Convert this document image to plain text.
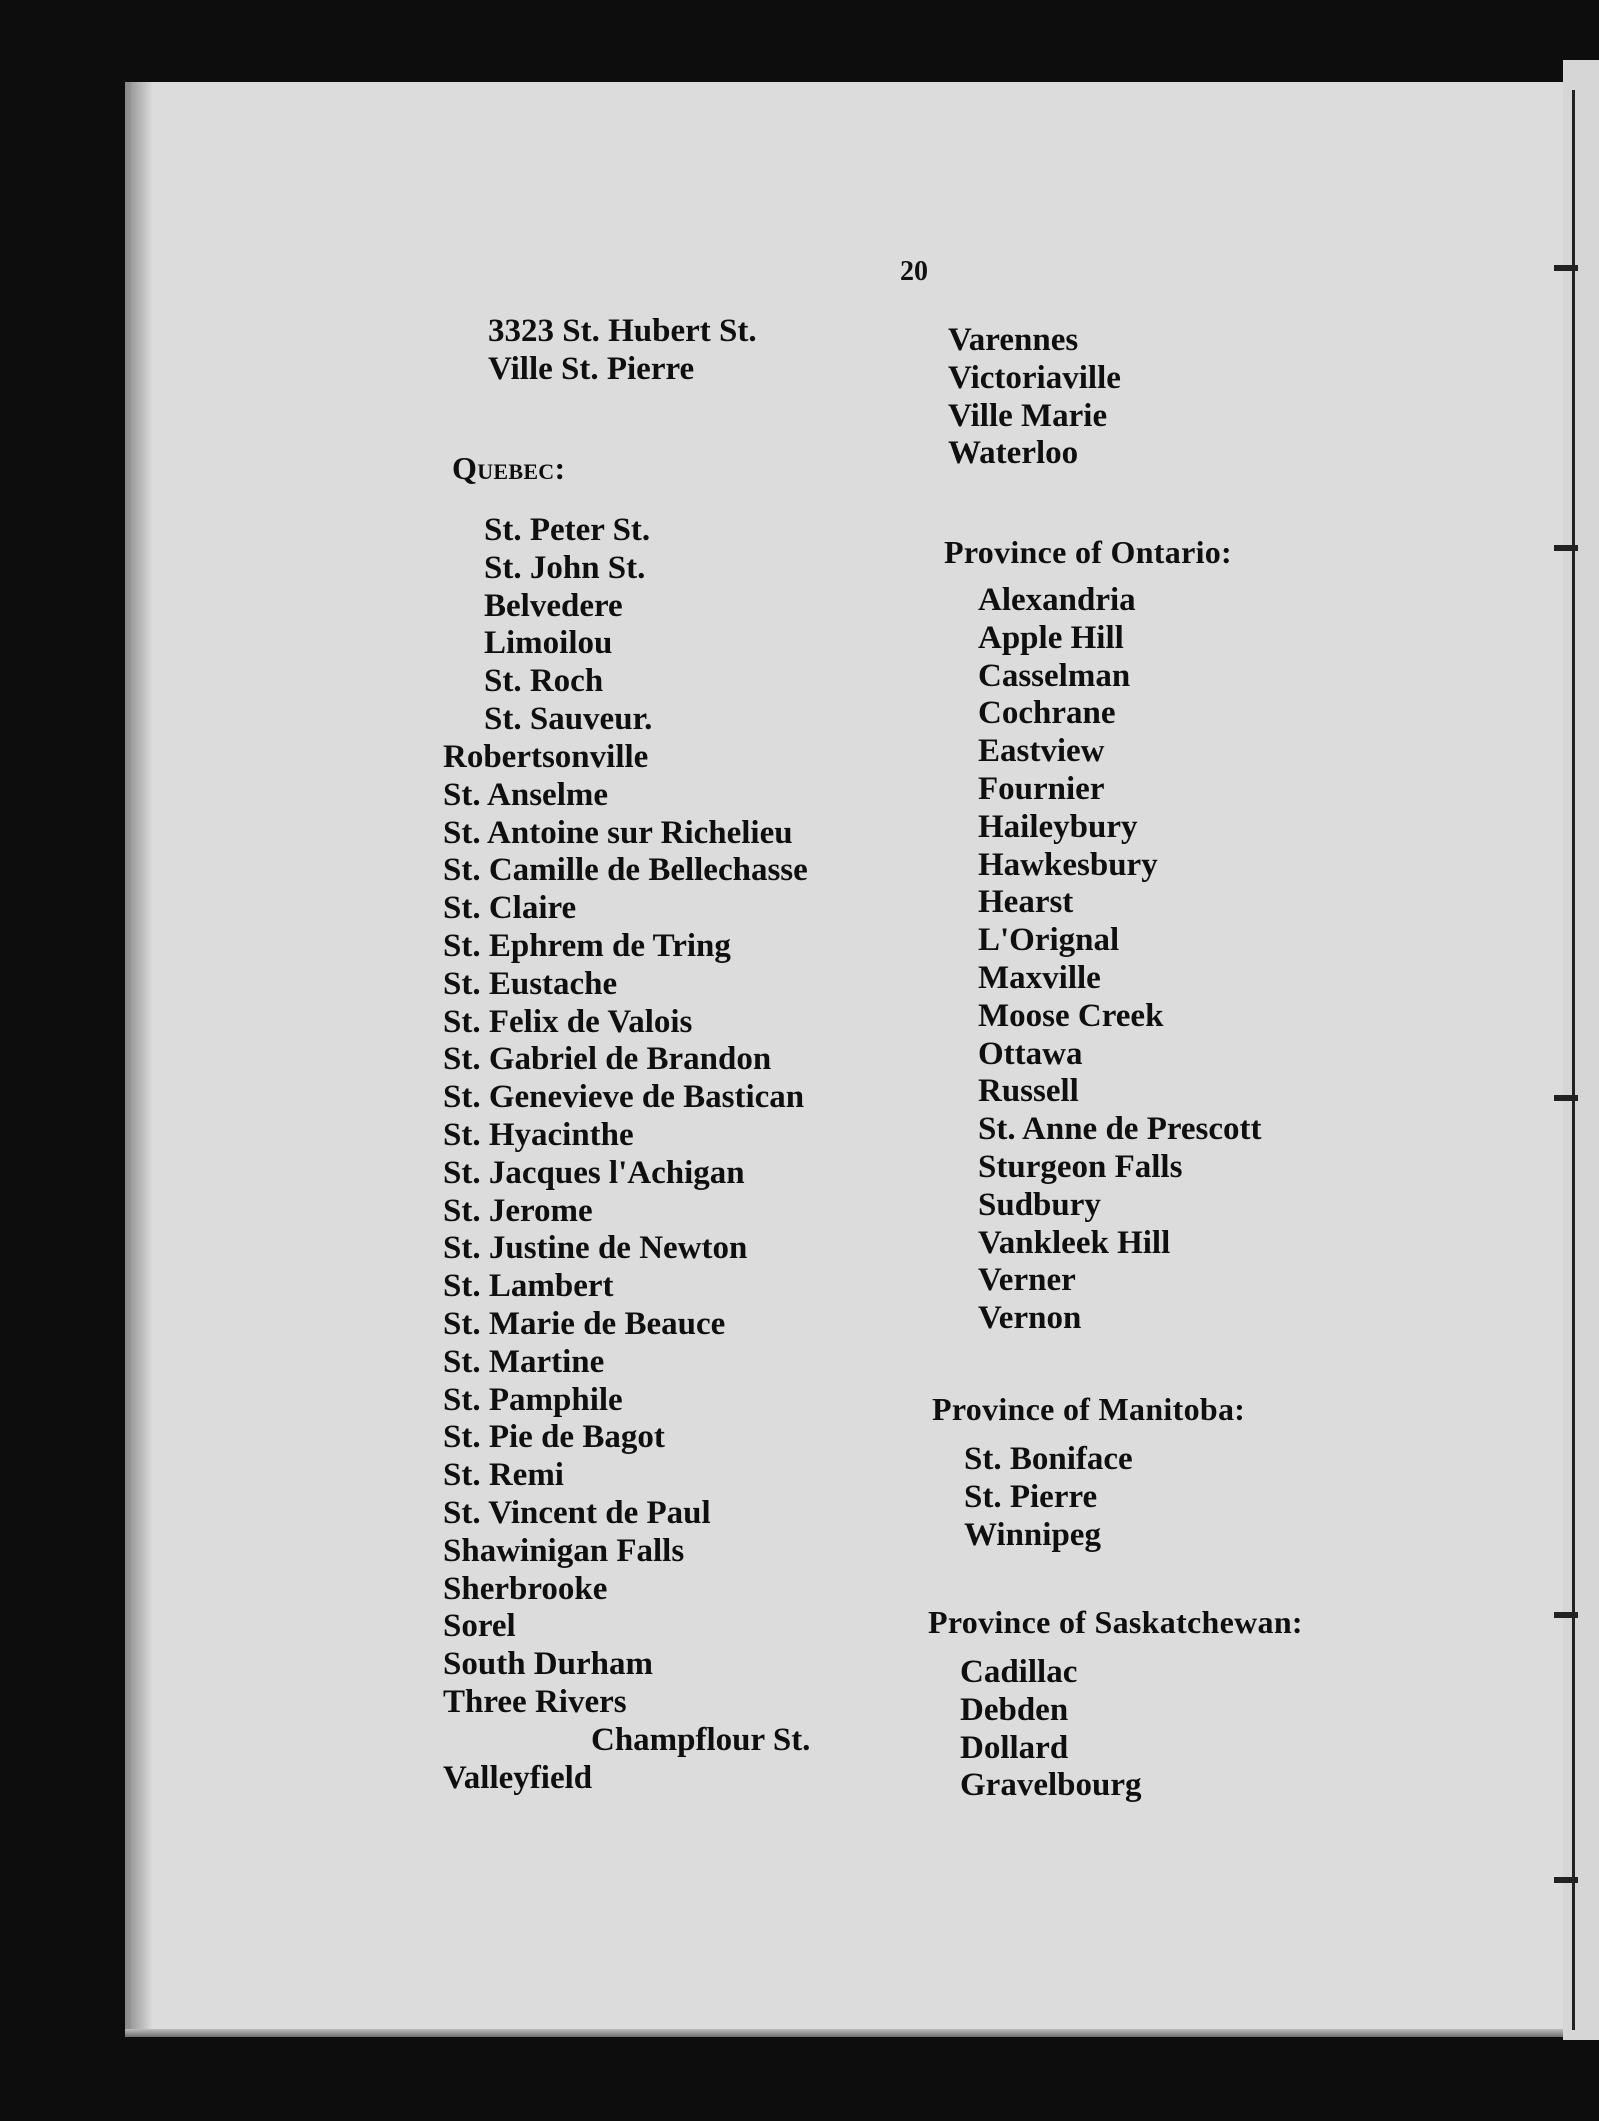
20
3323 St. Hubert St.
Ville St. Pierre
Quebec:
St. Peter St.
St. John St.
Belvedere
Limoilou
St. Roch
St. Sauveur.
Robertsonville
St. Anselme
St. Antoine sur Richelieu
St. Camille de Bellechasse
St. Claire
St. Ephrem de Tring
St. Eustache
St. Felix de Valois
St. Gabriel de Brandon
St. Genevieve de Bastican
St. Hyacinthe
St. Jacques l'Achigan
St. Jerome
St. Justine de Newton
St. Lambert
St. Marie de Beauce
St. Martine
St. Pamphile
St. Pie de Bagot
St. Remi
St. Vincent de Paul
Shawinigan Falls
Sherbrooke
Sorel
South Durham
Three Rivers
Champflour St.
Valleyfield
Varennes
Victoriaville
Ville Marie
Waterloo
Province of Ontario:
Alexandria
Apple Hill
Casselman
Cochrane
Eastview
Fournier
Haileybury
Hawkesbury
Hearst
L'Orignal
Maxville
Moose Creek
Ottawa
Russell
St. Anne de Prescott
Sturgeon Falls
Sudbury
Vankleek Hill
Verner
Vernon
Province of Manitoba:
St. Boniface
St. Pierre
Winnipeg
Province of Saskatchewan:
Cadillac
Debden
Dollard
Gravelbourg
